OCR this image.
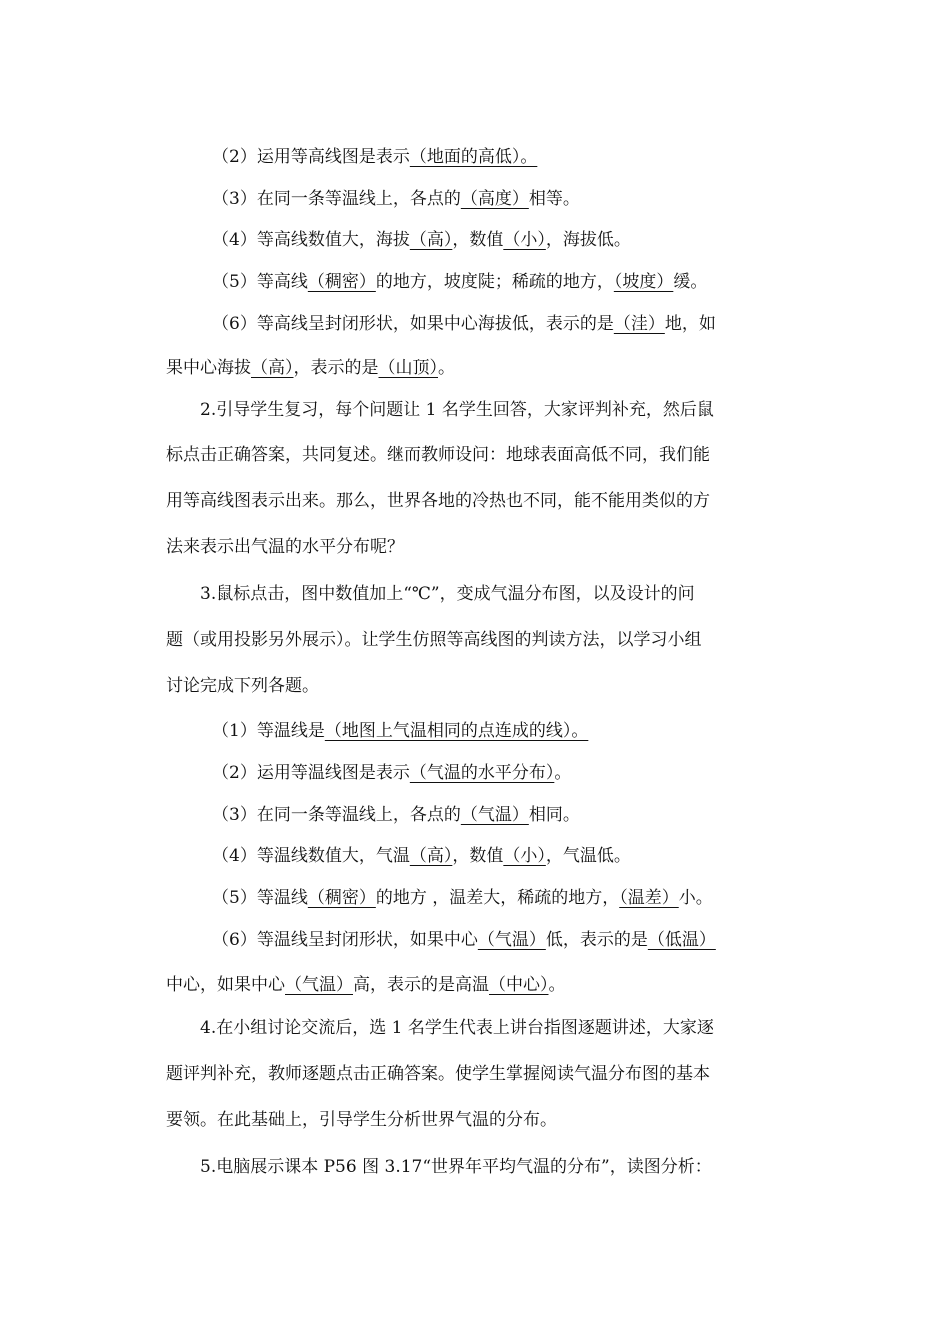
（2）运用等高线图是表示（地面的高低）。
（3）在同一条等温线上，各点的（高度）相等。
（4）等高线数值大，海拔（高），数值（小），海拔低。
（5）等高线（稠密）的地方，坡度陡；稀疏的地方，（坡度）缓。
（6）等高线呈封闭形状，如果中心海拔低，表示的是（洼）地，如
果中心海拔（高），表示的是（山顶）。
2.引导学生复习，每个问题让 1 名学生回答，大家评判补充，然后鼠
标点击正确答案，共同复述。继而教师设问：地球表面高低不同，我们能
用等高线图表示出来。那么，世界各地的冷热也不同，能不能用类似的方
法来表示出气温的水平分布呢？
3.鼠标点击，图中数值加上“℃”，变成气温分布图，以及设计的问
题（或用投影另外展示）。让学生仿照等高线图的判读方法，以学习小组
讨论完成下列各题。
（1）等温线是（地图上气温相同的点连成的线）。
（2）运用等温线图是表示（气温的水平分布）。
（3）在同一条等温线上，各点的（气温）相同。
（4）等温线数值大，气温（高），数值（小），气温低。
（5）等温线（稠密）的地方 ，温差大，稀疏的地方，（温差）小。
（6）等温线呈封闭形状，如果中心（气温）低，表示的是（低温）
中心，如果中心（气温）高，表示的是高温（中心）。
4.在小组讨论交流后，选 1 名学生代表上讲台指图逐题讲述，大家逐
题评判补充，教师逐题点击正确答案。使学生掌握阅读气温分布图的基本
要领。在此基础上，引导学生分析世界气温的分布。
5.电脑展示课本 P56 图 3.17“世界年平均气温的分布”，读图分析：
